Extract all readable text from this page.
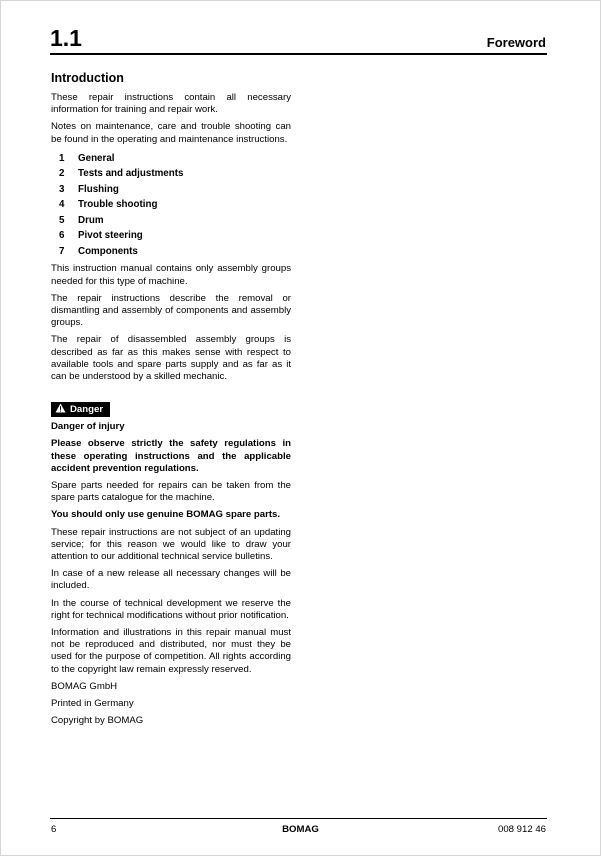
1.1	Foreword
Introduction

These repair instructions contain all necessary information for training and repair work.

Notes on maintenance, care and trouble shooting can be found in the operating and maintenance instructions.

1 General
2 Tests and adjustments
3 Flushing
4 Trouble shooting
5 Drum
6 Pivot steering
7 Components

This instruction manual contains only assembly groups needed for this type of machine.

The repair instructions describe the removal or dismantling and assembly of components and assembly groups.

The repair of disassembled assembly groups is described as far as this makes sense with respect to available tools and spare parts supply and as far as it can be understood by a skilled mechanic.

Danger

Danger of injury

Please observe strictly the safety regulations in these operating instructions and the applicable accident prevention regulations.

Spare parts needed for repairs can be taken from the spare parts catalogue for the machine.

You should only use genuine BOMAG spare parts.

These repair instructions are not subject of an updating service; for this reason we would like to draw your attention to our additional technical service bulletins.

In case of a new release all necessary changes will be included.

In the course of technical development we reserve the right for technical modifications without prior notification.

Information and illustrations in this repair manual must not be reproduced and distributed, nor must they be used for the purpose of competition. All rights according to the copyright law remain expressly reserved.

BOMAG GmbH

Printed in Germany

Copyright by BOMAG

6	BOMAG	008 912 46
